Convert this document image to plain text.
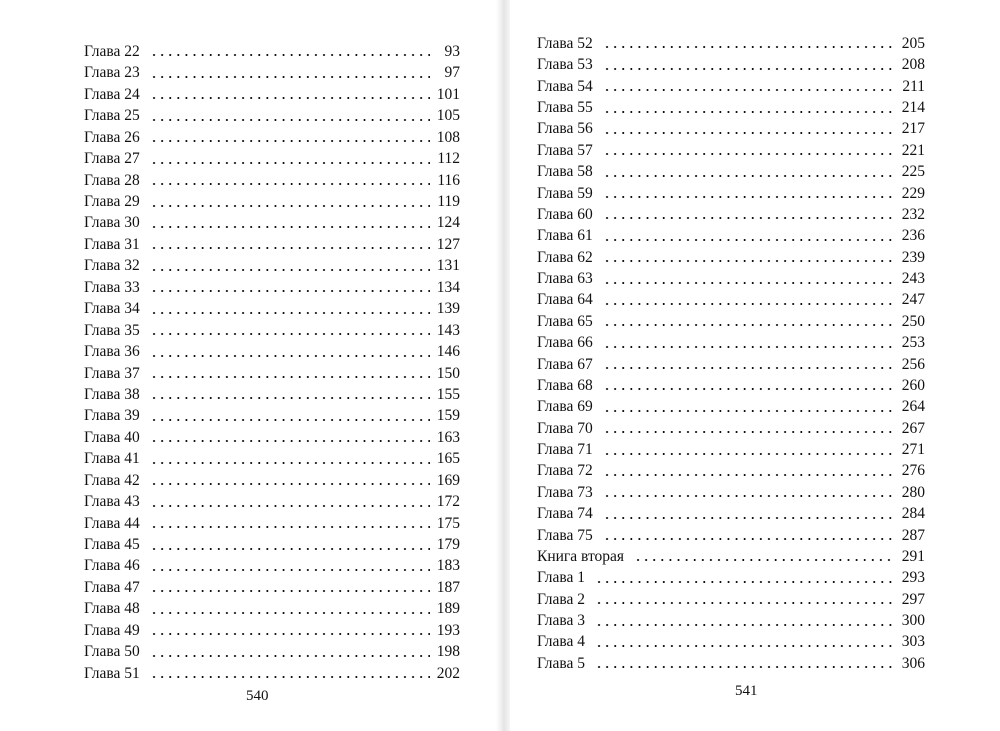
Глава 22	93
Глава 23	97
Глава 24	101
Глава 25	105
Глава 26	108
Глава 27	112
Глава 28	116
Глава 29	119
Глава 30	124
Глава 31	127
Глава 32	131
Глава 33	134
Глава 34	139
Глава 35	143
Глава 36	146
Глава 37	150
Глава 38	155
Глава 39	159
Глава 40	163
Глава 41	165
Глава 42	169
Глава 43	172
Глава 44	175
Глава 45	179
Глава 46	183
Глава 47	187
Глава 48	189
Глава 49	193
Глава 50	198
Глава 51	202
540
Глава 52	205
Глава 53	208
Глава 54	211
Глава 55	214
Глава 56	217
Глава 57	221
Глава 58	225
Глава 59	229
Глава 60	232
Глава 61	236
Глава 62	239
Глава 63	243
Глава 64	247
Глава 65	250
Глава 66	253
Глава 67	256
Глава 68	260
Глава 69	264
Глава 70	267
Глава 71	271
Глава 72	276
Глава 73	280
Глава 74	284
Глава 75	287
Книга вторая	291
Глава 1	293
Глава 2	297
Глава 3	300
Глава 4	303
Глава 5	306
541
